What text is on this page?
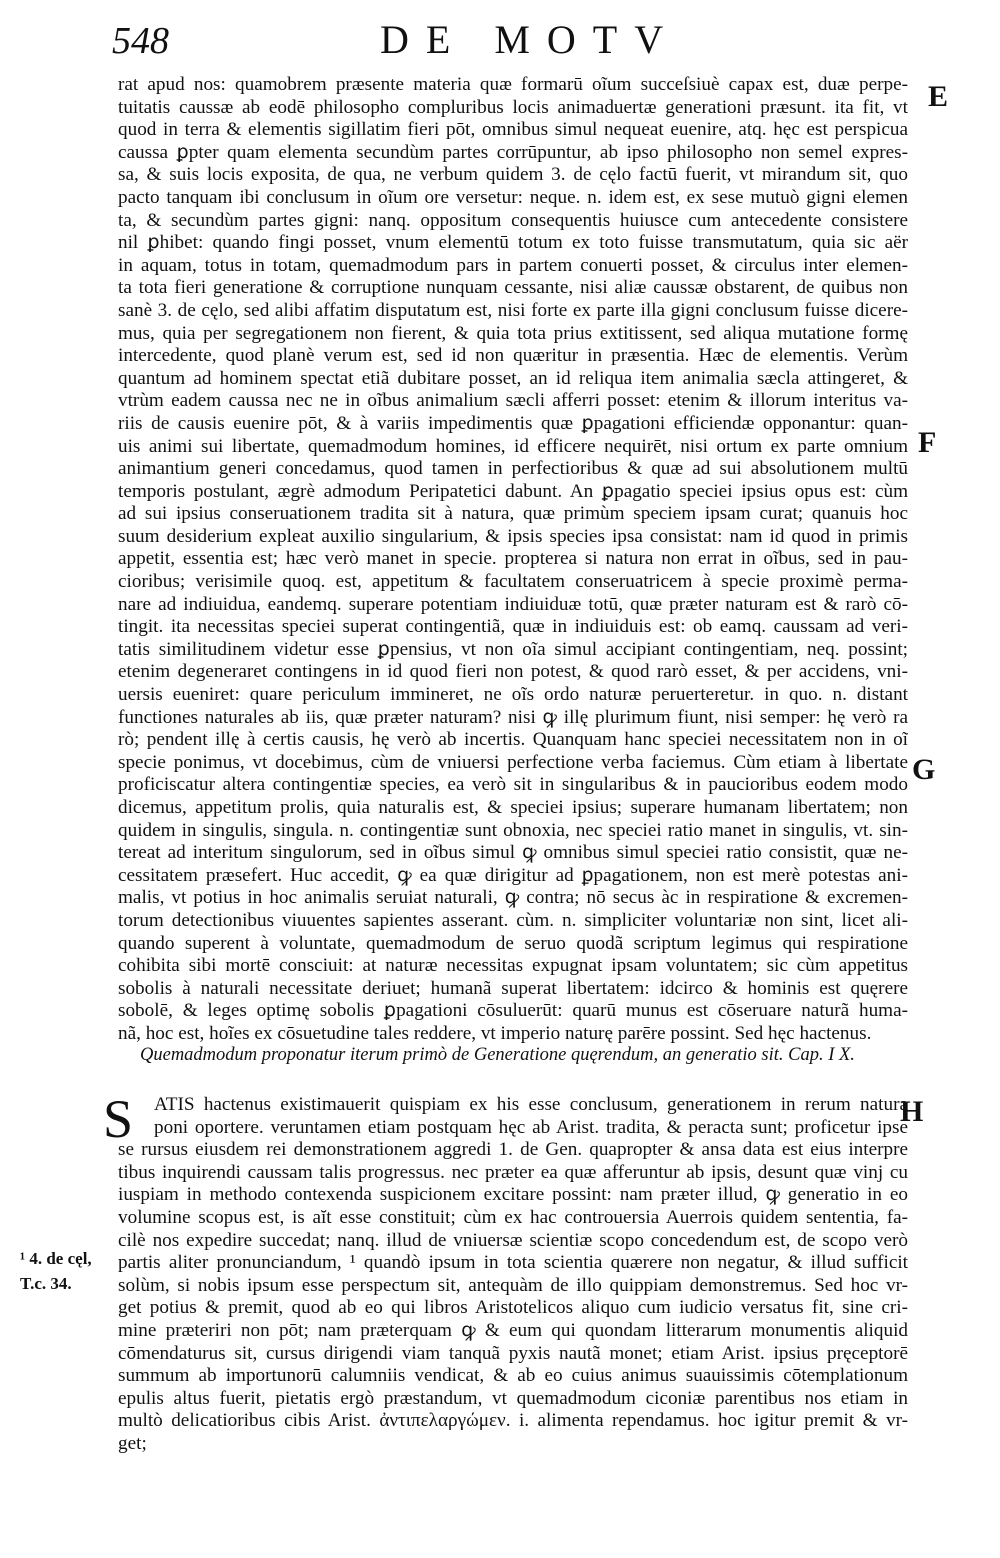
548	DE MOTV
E
F
G
H
rat apud nos: quamobrem præsente materia quæ formarū oĩum succeſsiuè capax est, duæ perpe-
tuitatis caussæ ab eodē philosopho compluribus locis animaduertæ generationi præsunt. ita fit, vt
quod in terra & elementis sigillatim fieri pōt, omnibus simul nequeat euenire, atq. hęc est perspicua
caussa ꝑpter quam elementa secundùm partes corrūpuntur, ab ipso philosopho non semel expres-
sa, & suis locis exposita, de qua, ne verbum quidem 3. de cęlo factū fuerit, vt mirandum sit, quo
pacto tanquam ibi conclusum in oĩum ore versetur: neque. n. idem est, ex sese mutuò gigni elemen
ta, & secundùm partes gigni: nanq. oppositum consequentis huiusce cum antecedente consistere
nil ꝑhibet: quando fingi posset, vnum elementū totum ex toto fuisse transmutatum, quia sic aër
in aquam, totus in totam, quemadmodum pars in partem conuerti posset, & circulus inter elemen-
ta tota fieri generatione & corruptione nunquam cessante, nisi aliæ caussæ obstarent, de quibus non
sanè 3. de cęlo, sed alibi affatim disputatum est, nisi forte ex parte illa gigni conclusum fuisse dicere-
mus, quia per segregationem non fierent, & quia tota prius extitissent, sed aliqua mutatione formę
intercedente, quod planè verum est, sed id non quæritur in præsentia. Hæc de elementis. Verùm
quantum ad hominem spectat etiã dubitare posset, an id reliqua item animalia sæcla attingeret, &
vtrùm eadem caussa nec ne in oĩbus animalium sæcli afferri posset: etenim & illorum interitus va-
riis de causis euenire pōt, & à variis impedimentis quæ ꝑpagationi efficiendæ opponantur: quan-
uis animi sui libertate, quemadmodum homines, id efficere nequirēt, nisi ortum ex parte omnium
animantium generi concedamus, quod tamen in perfectioribus & quæ ad sui absolutionem multū
temporis postulant, ægrè admodum Peripatetici dabunt. An ꝑpagatio speciei ipsius opus est: cùm
ad sui ipsius conseruationem tradita sit à natura, quæ primùm speciem ipsam curat; quanuis hoc
suum desiderium expleat auxilio singularium, & ipsis species ipsa consistat: nam id quod in primis
appetit, essentia est; hæc verò manet in specie. propterea si natura non errat in oĩbus, sed in pau-
cioribus; verisimile quoq. est, appetitum & facultatem conseruatricem à specie proximè perma-
nare ad indiuidua, eandemq. superare potentiam indiuiduæ totū, quæ præter naturam est & rarò cō-
tingit. ita necessitas speciei superat contingentiã, quæ in indiuiduis est: ob eamq. caussam ad veri-
tatis similitudinem videtur esse ꝑpensius, vt non oĩa simul accipiant contingentiam, neq. possint;
etenim degeneraret contingens in id quod fieri non potest, & quod rarò esset, & per accidens, vni-
uersis eueniret: quare periculum immineret, ne oĩs ordo naturæ peruerteretur. in quo. n. distant
functiones naturales ab iis, quæ præter naturam? nisi ꝙ illę plurimum fiunt, nisi semper: hę verò ra
rò; pendent illę à certis causis, hę verò ab incertis. Quanquam hanc speciei necessitatem non in oĩ
specie ponimus, vt docebimus, cùm de vniuersi perfectione verba faciemus. Cùm etiam à libertate
proficiscatur altera contingentiæ species, ea verò sit in singularibus & in paucioribus eodem modo
dicemus, appetitum prolis, quia naturalis est, & speciei ipsius; superare humanam libertatem; non
quidem in singulis, singula. n. contingentiæ sunt obnoxia, nec speciei ratio manet in singulis, vt. sin-
tereat ad interitum singulorum, sed in oĩbus simul ꝙ omnibus simul speciei ratio consistit, quæ ne-
cessitatem præsefert. Huc accedit, ꝙ ea quæ dirigitur ad ꝑpagationem, non est merè potestas ani-
malis, vt potius in hoc animalis seruiat naturali, ꝙ contra; nō secus àc in respiratione & excremen-
torum detectionibus viuuentes sapientes asserant. cùm. n. simpliciter voluntariæ non sint, licet ali-
quando superent à voluntate, quemadmodum de seruo quodã scriptum legimus qui respiratione
cohibita sibi mortē consciuit: at naturæ necessitas expugnat ipsam voluntatem; sic cùm appetitus
sobolis à naturali necessitate deriuet; humanã superat libertatem: idcirco & hominis est quęrere
sobolē, & leges optimę sobolis ꝑpagationi cōsuluerūt: quarū munus est cōseruare naturã huma-
nã, hoc est, hoĩes ex cōsuetudine tales reddere, vt imperio naturę parēre possint. Sed hęc hactenus.
Quemadmodum proponatur iterum primò de Generatione quęrendum, an generatio sit. Cap. I X.
S	ATIS hactenus existimauerit quispiam ex his esse conclusum, generationem in rerum natura
poni oportere. veruntamen etiam postquam hęc ab Arist. tradita, & peracta sunt; proficetur ipse
se rursus eiusdem rei demonstrationem aggredi 1. de Gen. quapropter & ansa data est eius interpre
tibus inquirendi caussam talis progressus. nec præter ea quæ afferuntur ab ipsis, desunt quæ vinj cu
iuspiam in methodo contexenda suspicionem excitare possint: nam præter illud, ꝙ generatio in eo
volumine scopus est, is aĭt esse constituit; cùm ex hac controuersia Auerrois quidem sententia, fa-
cilè nos expedire succedat; nanq. illud de vniuersæ scientiæ scopo concedendum est, de scopo verò
partis aliter pronunciandum, ¹ quandò ipsum in tota scientia quærere non negatur, & illud sufficit
solùm, si nobis ipsum esse perspectum sit, antequàm de illo quippiam demonstremus. Sed hoc vr-
get potius & premit, quod ab eo qui libros Aristotelicos aliquo cum iudicio versatus fit, sine cri-
mine præteriri non pōt; nam præterquam ꝙ & eum qui quondam litterarum monumentis aliquid
cōmendaturus sit, cursus dirigendi viam tanquã pyxis nautã monet; etiam Arist. ipsius pręceptorē
summum ab importunorū calumniis vendicat, & ab eo cuius animus suauissimis cōtemplationum
epulis altus fuerit, pietatis ergò præstandum, vt quemadmodum ciconiæ parentibus nos etiam in
multò delicatioribus cibis Arist. ἀντιπελαργώμεν. i. alimenta rependamus. hoc igitur premit & vr-
get;
¹ 4. de cęl,
T.c. 34.
